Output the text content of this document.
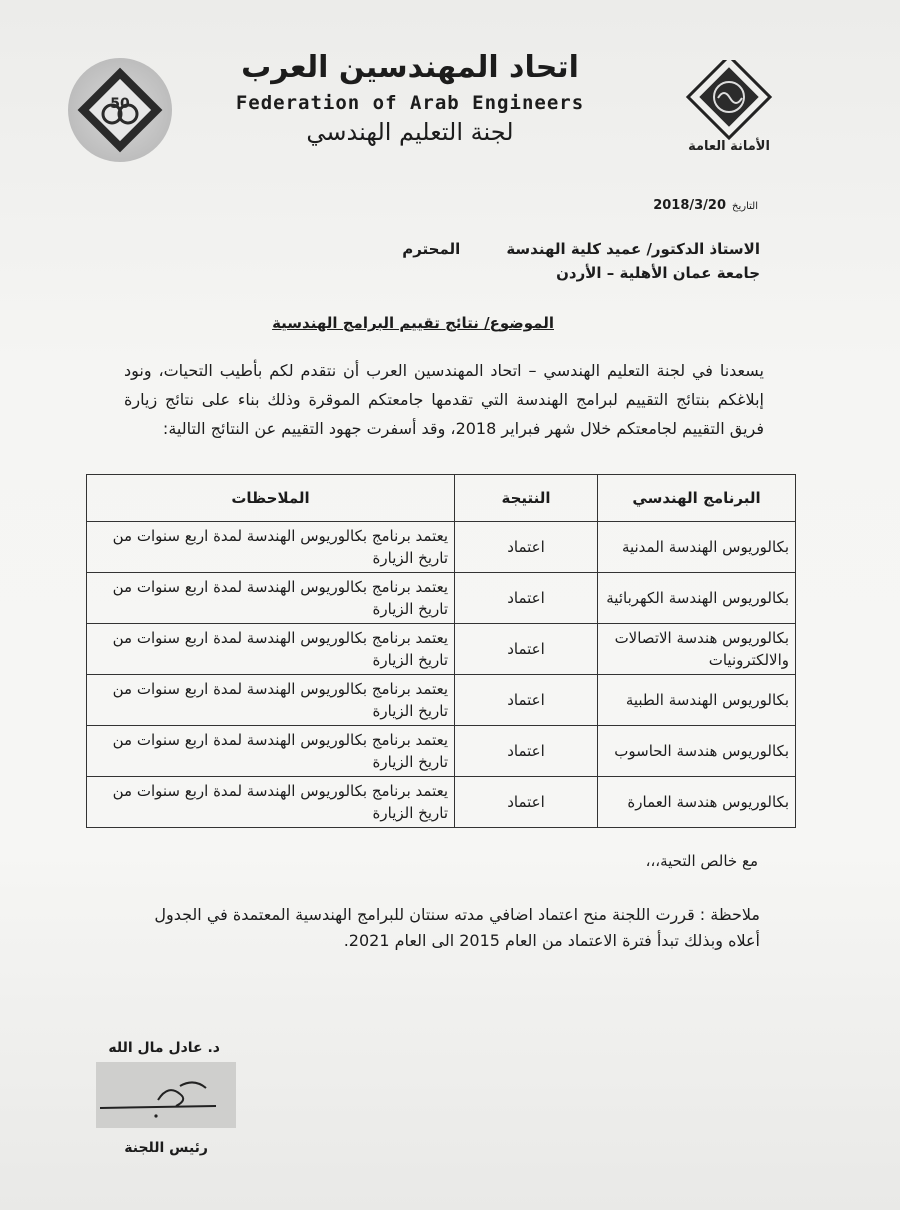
50
الأمانة العامة
اتحاد المهندسين العرب
Federation of Arab Engineers
لجنة التعليم الهندسي
التاريخ2018/3/20
الاستاذ الدكتور/ عميد كلية الهندسةالمحترم
جامعة عمان الأهلية – الأردن
الموضوع/ نتائج تقييم البرامج الهندسية
يسعدنا في لجنة التعليم الهندسي – اتحاد المهندسين العرب أن نتقدم لكم بأطيب التحيات، ونود إبلاغكم بنتائج التقييم لبرامج الهندسة التي تقدمها جامعتكم الموقرة وذلك بناء على نتائج زيارة فريق التقييم لجامعتكم خلال شهر فبراير 2018، وقد أسفرت جهود التقييم عن النتائج التالية:
البرنامج الهندسي	النتيجة	الملاحظات
بكالوريوس الهندسة المدنية	اعتماد	يعتمد برنامج بكالوريوس الهندسة لمدة اربع سنوات من تاريخ الزيارة
بكالوريوس الهندسة الكهربائية	اعتماد	يعتمد برنامج بكالوريوس الهندسة لمدة اربع سنوات من تاريخ الزيارة
بكالوريوس هندسة الاتصالات والالكترونيات	اعتماد	يعتمد برنامج بكالوريوس الهندسة لمدة اربع سنوات من تاريخ الزيارة
بكالوريوس الهندسة الطبية	اعتماد	يعتمد برنامج بكالوريوس الهندسة لمدة اربع سنوات من تاريخ الزيارة
بكالوريوس هندسة الحاسوب	اعتماد	يعتمد برنامج بكالوريوس الهندسة لمدة اربع سنوات من تاريخ الزيارة
بكالوريوس هندسة العمارة	اعتماد	يعتمد برنامج بكالوريوس الهندسة لمدة اربع سنوات من تاريخ الزيارة
مع خالص التحية،،،
ملاحظة : قررت اللجنة منح اعتماد اضافي مدته سنتان للبرامج الهندسية المعتمدة في الجدول أعلاه وبذلك تبدأ فترة الاعتماد من العام 2015 الى العام 2021.
د. عادل مال الله
رئيس اللجنة
